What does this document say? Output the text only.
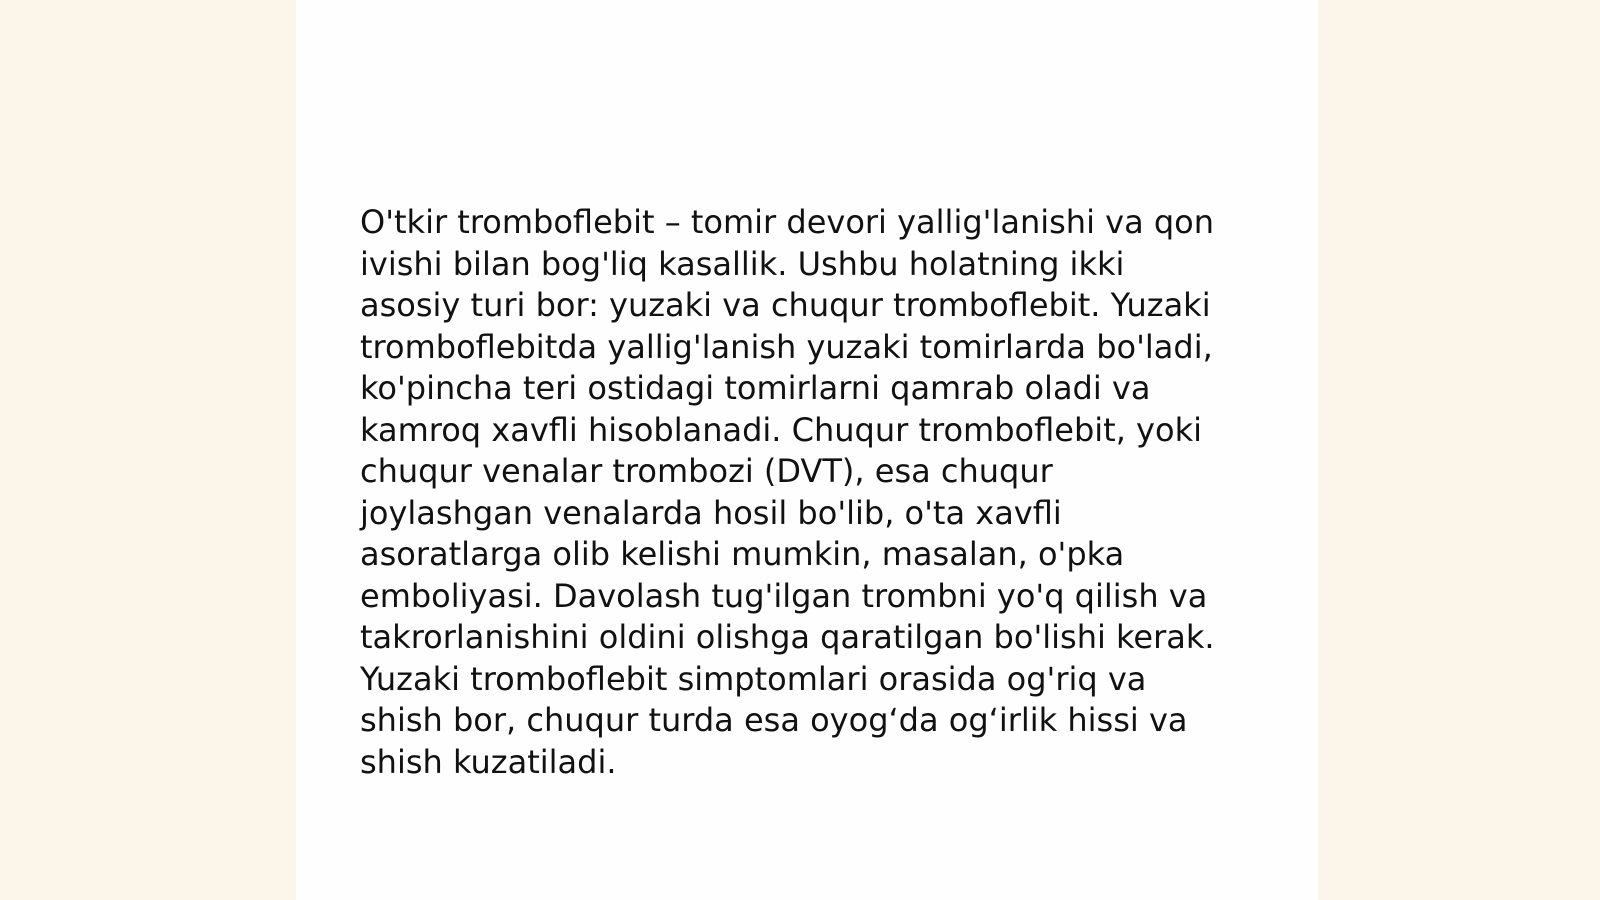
O'tkir tromboflebit – tomir devori yallig'lanishi va qon
ivishi bilan bog'liq kasallik. Ushbu holatning ikki
asosiy turi bor: yuzaki va chuqur tromboflebit. Yuzaki
tromboflebitda yallig'lanish yuzaki tomirlarda bo'ladi,
ko'pincha teri ostidagi tomirlarni qamrab oladi va
kamroq xavfli hisoblanadi. Chuqur tromboflebit, yoki
chuqur venalar trombozi (DVT), esa chuqur
joylashgan venalarda hosil bo'lib, o'ta xavfli
asoratlarga olib kelishi mumkin, masalan, o'pka
emboliyasi. Davolash tug'ilgan trombni yo'q qilish va
takrorlanishini oldini olishga qaratilgan bo'lishi kerak.
Yuzaki tromboflebit simptomlari orasida og'riq va
shish bor, chuqur turda esa oyog‘da og‘irlik hissi va
shish kuzatiladi.
